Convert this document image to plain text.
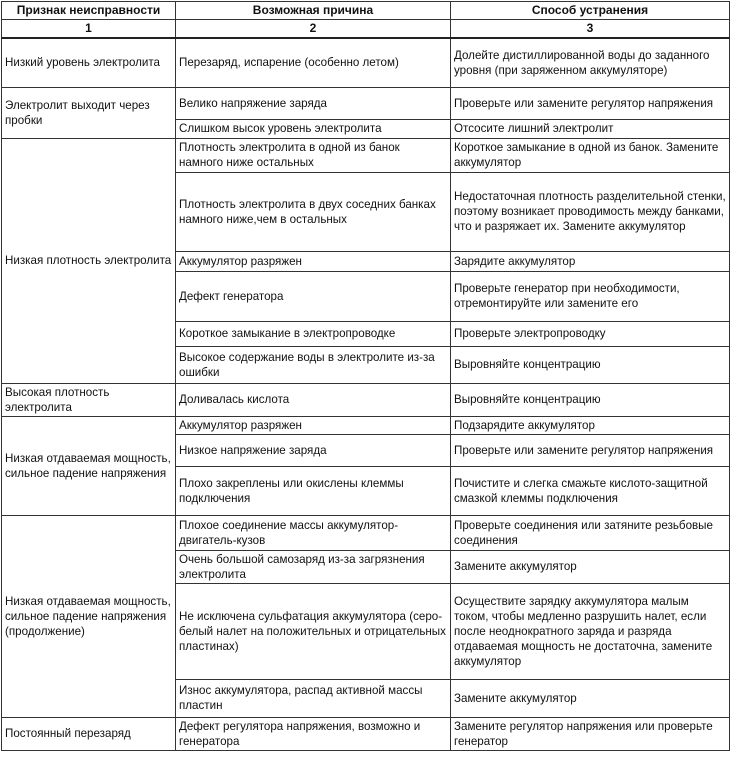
Признак неисправности	Возможная причина	Способ устранения
1	2	3
Низкий уровень электролита	Перезаряд, испарение (особенно летом)	Долейте дистиллированной воды до заданного уровня (при заряженном аккумуляторе)
Электролит выходит через пробки	Велико напряжение заряда	Проверьте или замените регулятор напряжения
	Слишком высок уровень электролита	Отсосите лишний электролит
Низкая плотность электролита	Плотность электролита в одной из банок намного ниже остальных	Короткое замыкание в одной из банок. Замените аккумулятор
	Плотность электролита в двух соседних банках намного ниже,чем в остальных	Недостаточная плотность разделительной стенки, поэтому возникает проводимость между банками, что и разряжает их. Замените аккумулятор
	Аккумулятор разряжен	Зарядите аккумулятор
	Дефект генератора	Проверьте генератор при необходимости, отремонтируйте или замените его
	Короткое замыкание в электропроводке	Проверьте электропроводку
	Высокое содержание воды в электролите из-за ошибки	Выровняйте концентрацию
Высокая плотность электролита	Доливалась кислота	Выровняйте концентрацию
Низкая отдаваемая мощность, сильное падение напряжения	Аккумулятор разряжен	Подзарядите аккумулятор
	Низкое напряжение заряда	Проверьте или замените регулятор напряжения
	Плохо закреплены или окислены клеммы подключения	Почистите и слегка смажьте кислото-защитной смазкой клеммы подключения
Низкая отдаваемая мощность, сильное падение напряжения (продолжение)	Плохое соединение массы аккумулятор-двигатель-кузов	Проверьте соединения или затяните резьбовые соединения
	Очень большой самозаряд из-за загрязнения электролита	Замените аккумулятор
	Не исключена сульфатация аккумулятора (серо-белый налет на положительных и отрицательных пластинах)	Осуществите зарядку аккумулятора малым током, чтобы медленно разрушить налет, если после неоднократного заряда и разряда отдаваемая мощность не достаточна, замените аккумулятор
	Износ аккумулятора, распад активной массы пластин	Замените аккумулятор
Постоянный перезаряд	Дефект регулятора напряжения, возможно и генератора	Замените регулятор напряжения или проверьте генератор
